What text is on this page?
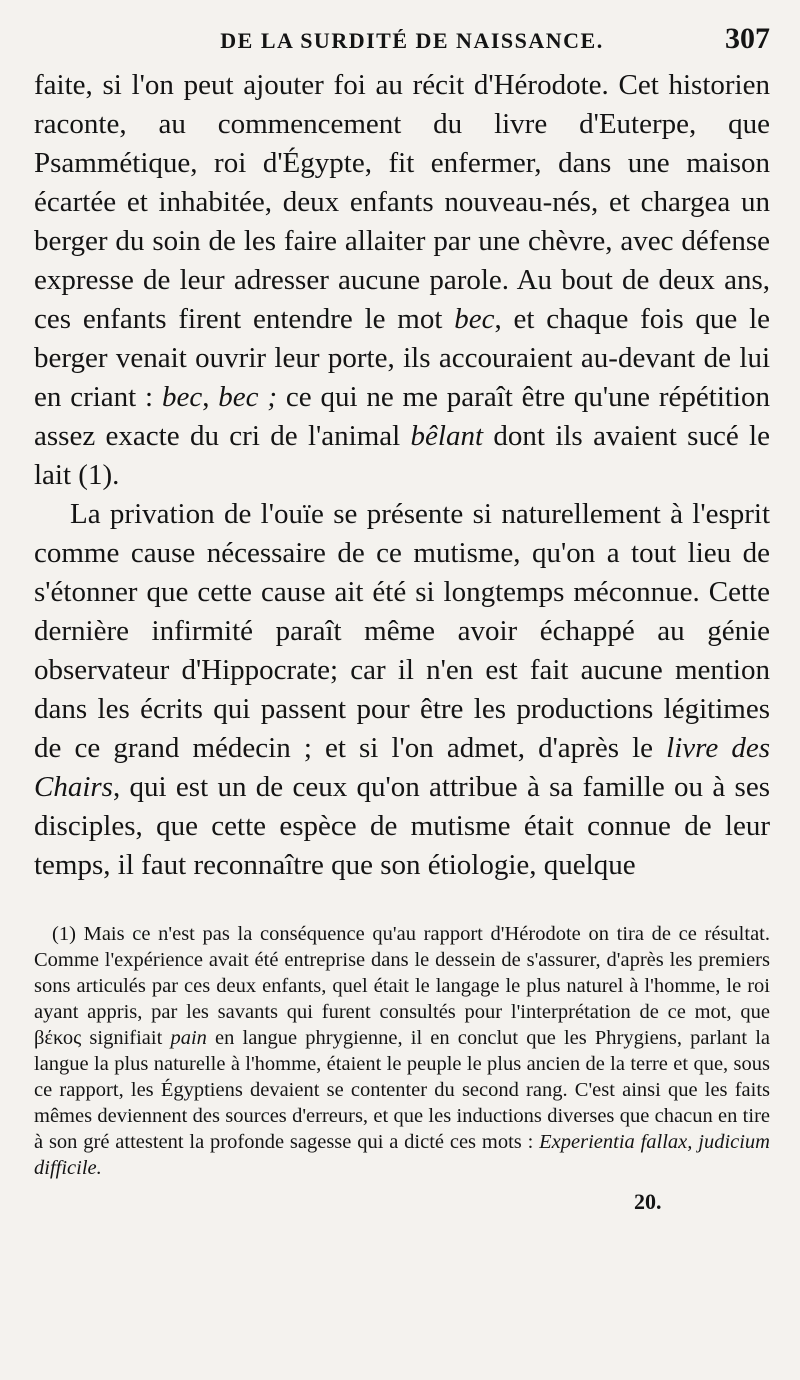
DE LA SURDITÉ DE NAISSANCE.	307

faite, si l'on peut ajouter foi au récit d'Hérodote. Cet historien raconte, au commencement du livre d'Euterpe, que Psammétique, roi d'Égypte, fit enfermer, dans une maison écartée et inhabitée, deux enfants nouveau-nés, et chargea un berger du soin de les faire allaiter par une chèvre, avec défense expresse de leur adresser aucune parole. Au bout de deux ans, ces enfants firent entendre le mot bec, et chaque fois que le berger venait ouvrir leur porte, ils accouraient au-devant de lui en criant : bec, bec ; ce qui ne me paraît être qu'une répétition assez exacte du cri de l'animal bêlant dont ils avaient sucé le lait (1).

La privation de l'ouïe se présente si naturellement à l'esprit comme cause nécessaire de ce mutisme, qu'on a tout lieu de s'étonner que cette cause ait été si longtemps méconnue. Cette dernière infirmité paraît même avoir échappé au génie observateur d'Hippocrate; car il n'en est fait aucune mention dans les écrits qui passent pour être les productions légitimes de ce grand médecin ; et si l'on admet, d'après le livre des Chairs, qui est un de ceux qu'on attribue à sa famille ou à ses disciples, que cette espèce de mutisme était connue de leur temps, il faut reconnaître que son étiologie, quelque

(1) Mais ce n'est pas la conséquence qu'au rapport d'Hérodote on tira de ce résultat. Comme l'expérience avait été entreprise dans le dessein de s'assurer, d'après les premiers sons articulés par ces deux enfants, quel était le langage le plus naturel à l'homme, le roi ayant appris, par les savants qui furent consultés pour l'interprétation de ce mot, que βέκος signifiait pain en langue phrygienne, il en conclut que les Phrygiens, parlant la langue la plus naturelle à l'homme, étaient le peuple le plus ancien de la terre et que, sous ce rapport, les Égyptiens devaient se contenter du second rang. C'est ainsi que les faits mêmes deviennent des sources d'erreurs, et que les inductions diverses que chacun en tire à son gré attestent la profonde sagesse qui a dicté ces mots : Experientia fallax, judicium difficile.

20.
